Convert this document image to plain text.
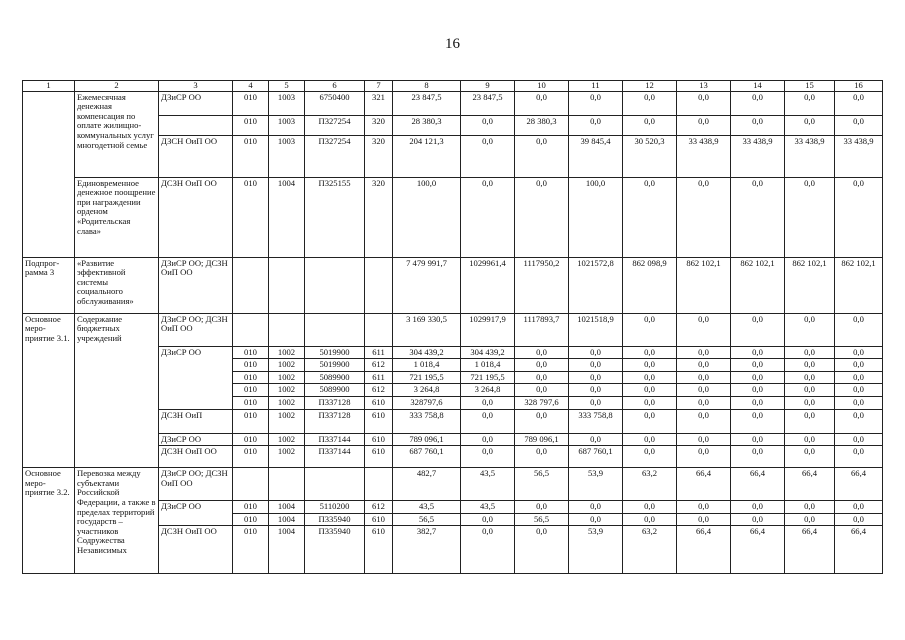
16
1	2	3	4	5	6	7	8	9	10	11	12	13	14	15	16
	Ежемесячная денежная компенсация по оплате жилищно-коммунальных услуг многодетной семье	ДЗиСР ОО	010	1003	6750400	321	23 847,5	23 847,5	0,0	0,0	0,0	0,0	0,0	0,0	0,0
			010	1003	П327254	320	28 380,3	0,0	28 380,3	0,0	0,0	0,0	0,0	0,0	0,0
		ДЗСН ОиП ОО	010	1003	П327254	320	204 121,3	0,0	0,0	39 845,4	30 520,3	33 438,9	33 438,9	33 438,9	33 438,9
	Единовременное денежное поощрение при награждении орденом «Родительская слава»	ДСЗН ОиП ОО	010	1004	П325155	320	100,0	0,0	0,0	100,0	0,0	0,0	0,0	0,0	0,0
Подпрог-рамма 3	«Развитие эффективной системы социального обслуживания»	ДЗиСР ОО; ДСЗН ОиП ОО					7 479 991,7	1029961,4	1117950,2	1021572,8	862 098,9	862 102,1	862 102,1	862 102,1	862 102,1
Основное меро-приятие 3.1.	Содержание бюджетных учреждений	ДЗиСР ОО; ДСЗН ОиП ОО					3 169 330,5	1029917,9	1117893,7	1021518,9	0,0	0,0	0,0	0,0	0,0
		ДЗиСР ОО	010	1002	5019900	611	304 439,2	304 439,2	0,0	0,0	0,0	0,0	0,0	0,0	0,0
			010	1002	5019900	612	1 018,4	1 018,4	0,0	0,0	0,0	0,0	0,0	0,0	0,0
			010	1002	5089900	611	721 195,5	721 195,5	0,0	0,0	0,0	0,0	0,0	0,0	0,0
			010	1002	5089900	612	3 264,8	3 264,8	0,0	0,0	0,0	0,0	0,0	0,0	0,0
			010	1002	П337128	610	328797,6	0,0	328 797,6	0,0	0,0	0,0	0,0	0,0	0,0
		ДСЗН ОиП	010	1002	П337128	610	333 758,8	0,0	0,0	333 758,8	0,0	0,0	0,0	0,0	0,0
		ДЗиСР ОО	010	1002	П337144	610	789 096,1	0,0	789 096,1	0,0	0,0	0,0	0,0	0,0	0,0
		ДСЗН ОиП ОО	010	1002	П337144	610	687 760,1	0,0	0,0	687 760,1	0,0	0,0	0,0	0,0	0,0
Основное меро-приятие 3.2.	Перевозка между субъектами Российской Федерации, а также в пределах территорий государств – участников Содружества Независимых	ДЗиСР ОО; ДСЗН ОиП ОО					482,7	43,5	56,5	53,9	63,2	66,4	66,4	66,4	66,4
		ДЗиСР ОО	010	1004	5110200	612	43,5	43,5	0,0	0,0	0,0	0,0	0,0	0,0	0,0
			010	1004	П335940	610	56,5	0,0	56,5	0,0	0,0	0,0	0,0	0,0	0,0
		ДСЗН ОиП ОО	010	1004	П335940	610	382,7	0,0	0,0	53,9	63,2	66,4	66,4	66,4	66,4
